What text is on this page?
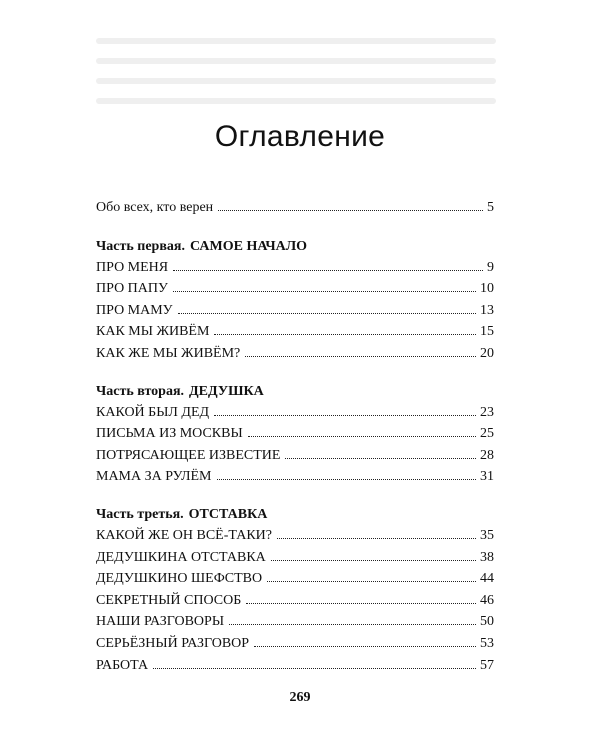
Оглавление
Обо всех, кто верен	5
Часть первая. САМОЕ НАЧАЛО
ПРО МЕНЯ	9
ПРО ПАПУ	10
ПРО МАМУ	13
КАК МЫ ЖИВЁМ	15
КАК ЖЕ МЫ ЖИВЁМ?	20
Часть вторая. ДЕДУШКА
КАКОЙ БЫЛ ДЕД	23
ПИСЬМА ИЗ МОСКВЫ	25
ПОТРЯСАЮЩЕЕ ИЗВЕСТИЕ	28
МАМА ЗА РУЛЁМ	31
Часть третья. ОТСТАВКА
КАКОЙ ЖЕ ОН ВСЁ-ТАКИ?	35
ДЕДУШКИНА ОТСТАВКА	38
ДЕДУШКИНО ШЕФСТВО	44
СЕКРЕТНЫЙ СПОСОБ	46
НАШИ РАЗГОВОРЫ	50
СЕРЬЁЗНЫЙ РАЗГОВОР	53
РАБОТА	57
269
